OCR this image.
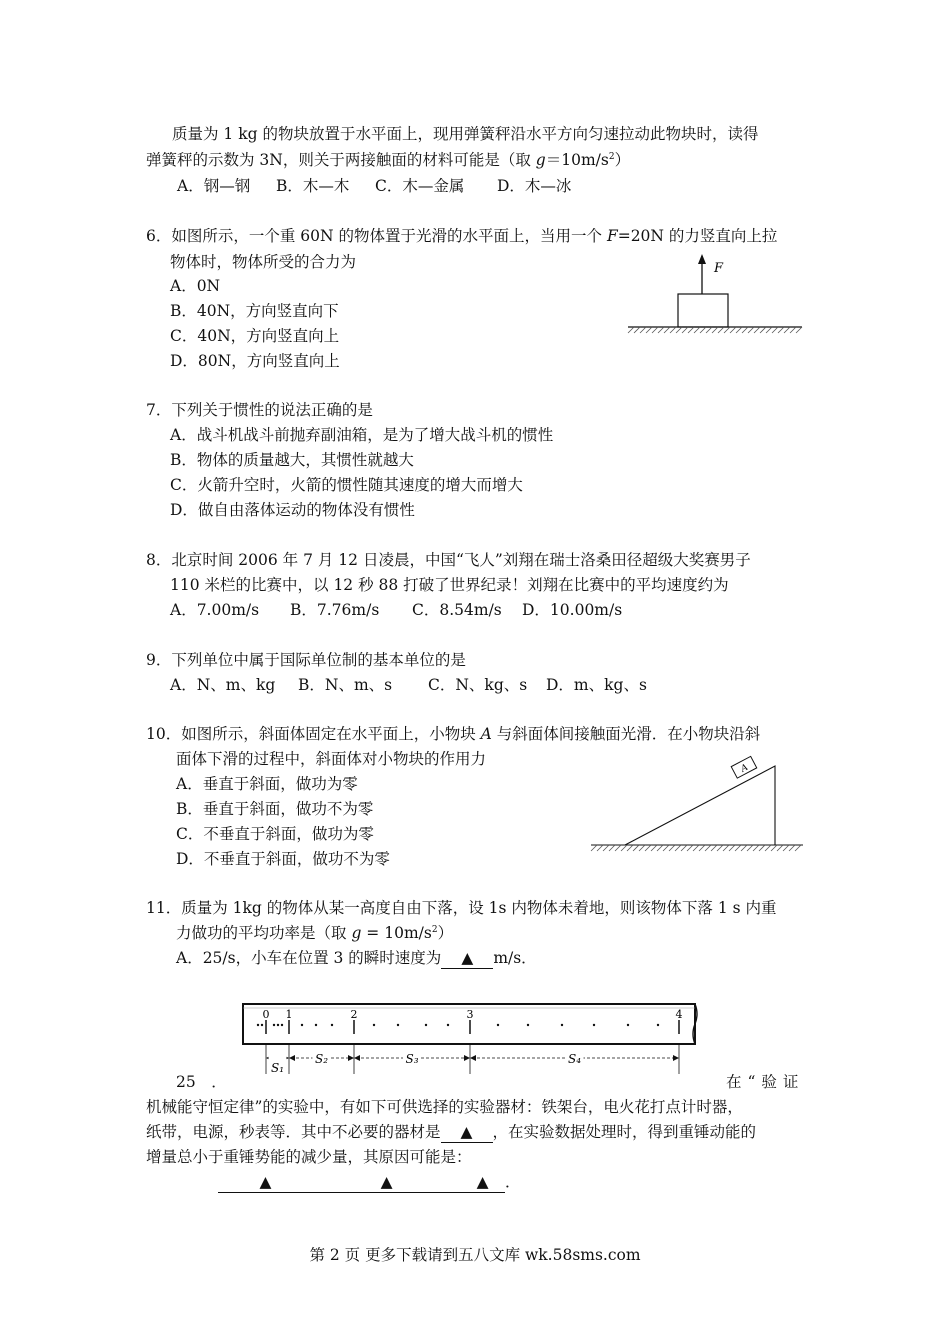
质量为 1 kg 的物块放置于水平面上，现用弹簧秤沿水平方向匀速拉动此物块时，读得
弹簧秤的示数为 3N，则关于两接触面的材料可能是（取 $g=10m/s^2$）
A．钢—钢 B．木—木 C．木—金属 D．木—冰
6．如图所示，一个重 60N 的物体置于光滑的水平面上，当用一个 F=20N 的力竖直向上拉
物体时，物体所受的合力为
A．0N
B．40N，方向竖直向下
C．40N，方向竖直向上
D．80N，方向竖直向上
F
7．下列关于惯性的说法正确的是
A．战斗机战斗前抛弃副油箱，是为了增大战斗机的惯性
B．物体的质量越大，其惯性就越大
C．火箭升空时，火箭的惯性随其速度的增大而增大
D．做自由落体运动的物体没有惯性
8．北京时间 2006 年 7 月 12 日凌晨，中国“飞人”刘翔在瑞士洛桑田径超级大奖赛男子
110 米栏的比赛中，以 12 秒 88 打破了世界纪录！刘翔在比赛中的平均速度约为
A．7.00m/s B．7.76m/s C．8.54m/s D．10.00m/s
9．下列单位中属于国际单位制的基本单位的是
A．N、m、kg B．N、m、s C．N、kg、s D．m、kg、s
10．如图所示，斜面体固定在水平面上，小物块 A 与斜面体间接触面光滑．在小物块沿斜
面体下滑的过程中，斜面体对小物块的作用力
A．垂直于斜面，做功为零
B．垂直于斜面，做功不为零
C．不垂直于斜面，做功为零
D．不垂直于斜面，做功不为零
A
11．质量为 1kg 的物体从某一高度自由下落，设 1s 内物体未着地，则该物体下落 1 s 内重
力做功的平均功率是（取 $g = 10m/s^2$）
A．25/s，小车在位置 3 的瞬时速度为 ▲ m/s．
0 1	2	3	4
S₁
S₂	S₃	S₄
25　．	在“验证
机械能守恒定律”的实验中，有如下可供选择的实验器材：铁架台，电火花打点计时器，
纸带，电源，秒表等．其中不必要的器材是 ▲ ，在实验数据处理时，得到重锤动能的
增量总小于重锤势能的减少量，其原因可能是：
▲	▲	▲ ．
第 2 页 更多下载请到五八文库 wk.58sms.com
